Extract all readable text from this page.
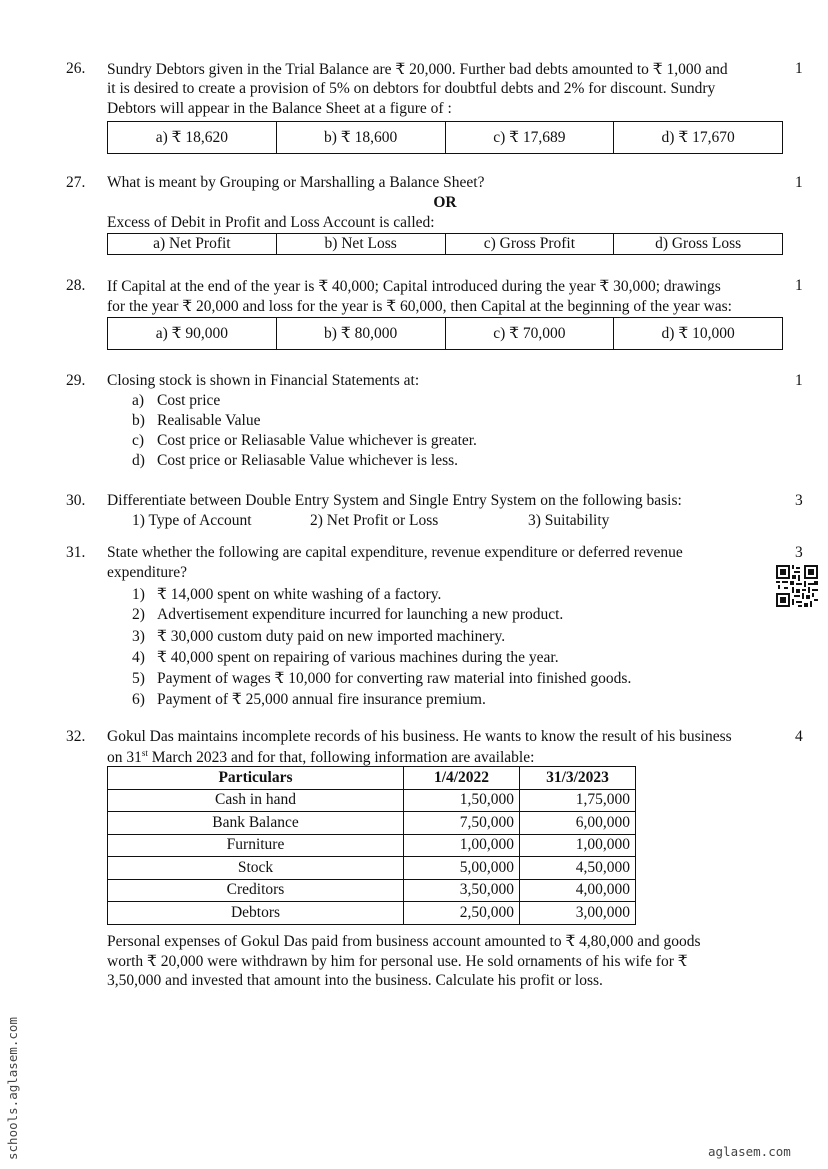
26.	1
Sundry Debtors given in the Trial Balance are ₹ 20,000. Further bad debts amounted to ₹ 1,000 and
it is desired to create a provision of 5% on debtors for doubtful debts and 2% for discount. Sundry
Debtors will appear in the Balance Sheet at a figure of :
a) ₹ 18,620	b) ₹ 18,600	c) ₹ 17,689	d) ₹ 17,670
27.	1
What is meant by Grouping or Marshalling a Balance Sheet?
OR
Excess of Debit in Profit and Loss Account is called:
a) Net Profit	b) Net Loss	c) Gross Profit	d) Gross Loss
28.	1
If Capital at the end of the year is ₹ 40,000; Capital introduced during the year ₹ 30,000; drawings
for the year ₹ 20,000 and loss for the year is ₹ 60,000, then Capital at the beginning of the year was:
a) ₹ 90,000	b) ₹ 80,000	c) ₹ 70,000	d) ₹ 10,000
29.	1
Closing stock is shown in Financial Statements at:
a) Cost price
b) Realisable Value
c) Cost price or Reliasable Value whichever is greater.
d) Cost price or Reliasable Value whichever is less.
30.	3
Differentiate between Double Entry System and Single Entry System on the following basis:
1) Type of Account	2) Net Profit or Loss	3) Suitability
31.	3
State whether the following are capital expenditure, revenue expenditure or deferred revenue
expenditure?
1) ₹ 14,000 spent on white washing of a factory.
2) Advertisement expenditure incurred for launching a new product.
3) ₹ 30,000 custom duty paid on new imported machinery.
4) ₹ 40,000 spent on repairing of various machines during the year.
5) Payment of wages ₹ 10,000 for converting raw material into finished goods.
6) Payment of ₹ 25,000 annual fire insurance premium.
32.	4
Gokul Das maintains incomplete records of his business. He wants to know the result of his business
on 31st March 2023 and for that, following information are available:
Particulars	1/4/2022	31/3/2023
Cash in hand	1,50,000	1,75,000
Bank Balance	7,50,000	6,00,000
Furniture	1,00,000	1,00,000
Stock	5,00,000	4,50,000
Creditors	3,50,000	4,00,000
Debtors	2,50,000	3,00,000
Personal expenses of Gokul Das paid from business account amounted to ₹ 4,80,000 and goods
worth ₹ 20,000 were withdrawn by him for personal use. He sold ornaments of his wife for ₹
3,50,000 and invested that amount into the business. Calculate his profit or loss.
schools.aglasem.com	aglasem.com
